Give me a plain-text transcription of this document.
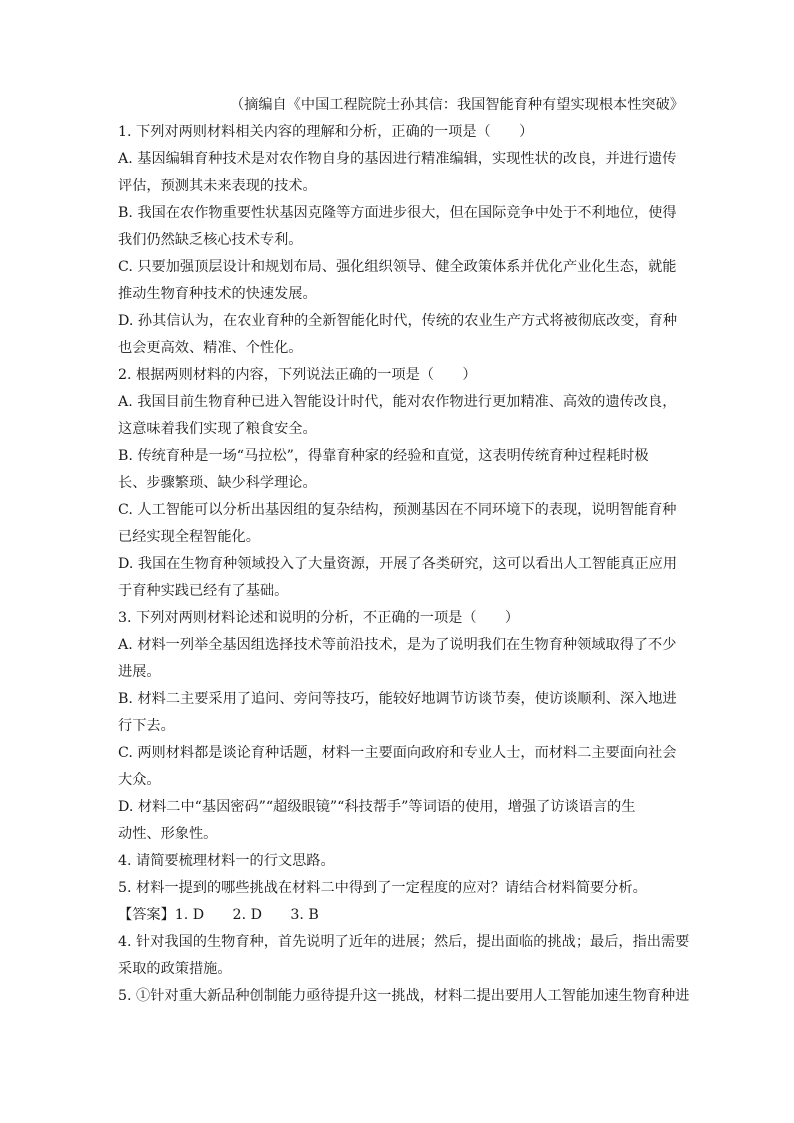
（摘编自《中国工程院院士孙其信：我国智能育种有望实现根本性突破》
1. 下列对两则材料相关内容的理解和分析，正确的一项是（　　）
A. 基因编辑育种技术是对农作物自身的基因进行精准编辑，实现性状的改良，并进行遗传
评估，预测其未来表现的技术。
B. 我国在农作物重要性状基因克隆等方面进步很大，但在国际竞争中处于不利地位，使得
我们仍然缺乏核心技术专利。
C. 只要加强顶层设计和规划布局、强化组织领导、健全政策体系并优化产业化生态，就能
推动生物育种技术的快速发展。
D. 孙其信认为，在农业育种的全新智能化时代，传统的农业生产方式将被彻底改变，育种
也会更高效、精准、个性化。
2. 根据两则材料的内容，下列说法正确的一项是（　　）
A. 我国目前生物育种已进入智能设计时代，能对农作物进行更加精准、高效的遗传改良，
这意味着我们实现了粮食安全。
B. 传统育种是一场“马拉松”，得靠育种家的经验和直觉，这表明传统育种过程耗时极
长、步骤繁琐、缺少科学理论。
C. 人工智能可以分析出基因组的复杂结构，预测基因在不同环境下的表现，说明智能育种
已经实现全程智能化。
D. 我国在生物育种领域投入了大量资源，开展了各类研究，这可以看出人工智能真正应用
于育种实践已经有了基础。
3. 下列对两则材料论述和说明的分析，不正确的一项是（　　）
A. 材料一列举全基因组选择技术等前沿技术，是为了说明我们在生物育种领域取得了不少
进展。
B. 材料二主要采用了追问、旁问等技巧，能较好地调节访谈节奏，使访谈顺利、深入地进
行下去。
C. 两则材料都是谈论育种话题，材料一主要面向政府和专业人士，而材料二主要面向社会
大众。
D. 材料二中“基因密码”“超级眼镜”“科技帮手”等词语的使用，增强了访谈语言的生
动性、形象性。
4. 请简要梳理材料一的行文思路。
5. 材料一提到的哪些挑战在材料二中得到了一定程度的应对？请结合材料简要分析。
【答案】1. D　　2. D　　3. B
4. 针对我国的生物育种，首先说明了近年的进展；然后，提出面临的挑战；最后，指出需要
采取的政策措施。
5. ①针对重大新品种创制能力亟待提升这一挑战，材料二提出要用人工智能加速生物育种进
